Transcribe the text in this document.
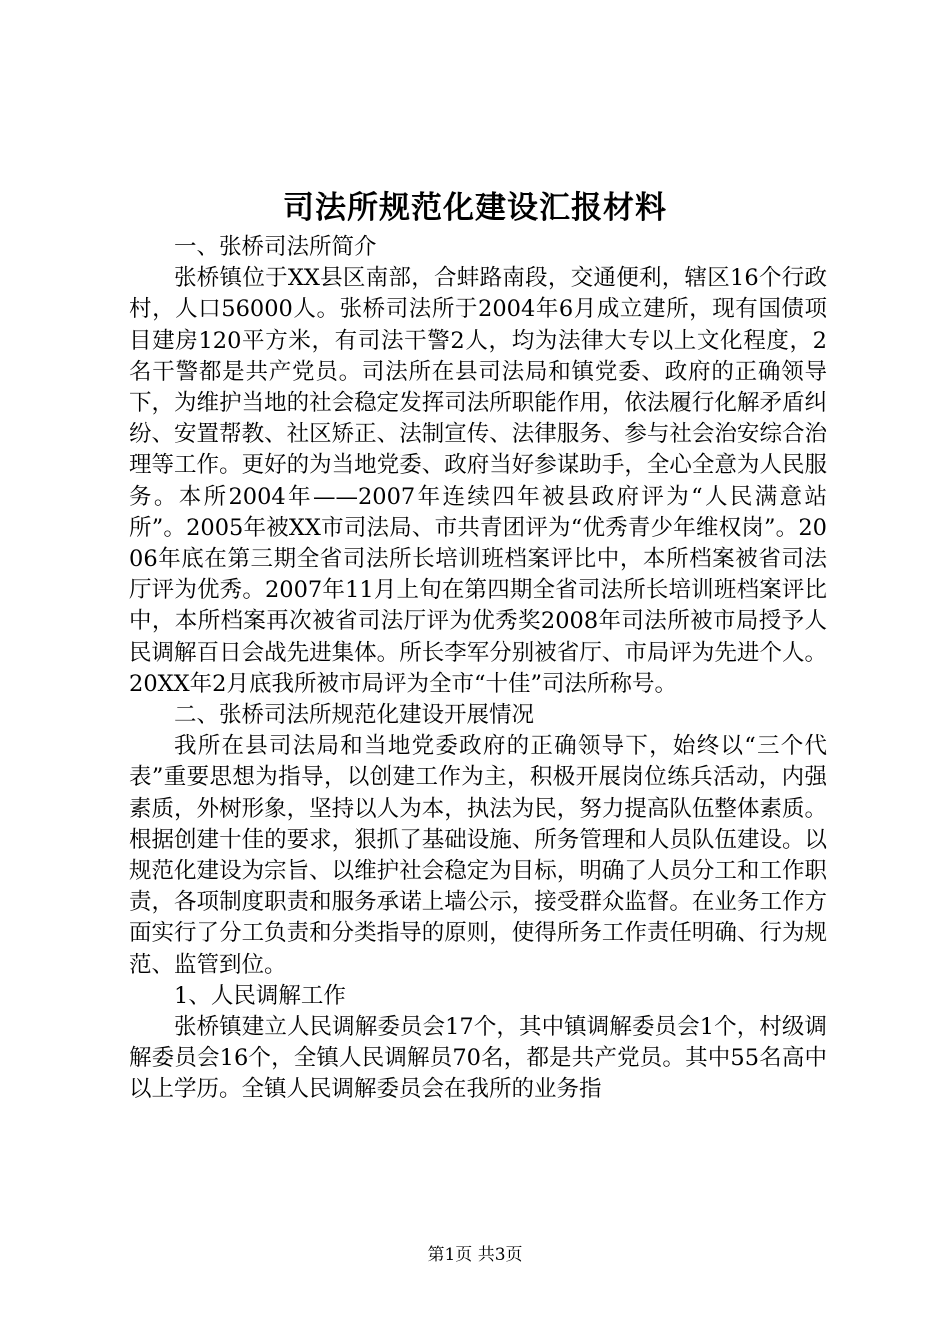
司法所规范化建设汇报材料

一、张桥司法所简介

张桥镇位于XX县区南部，合蚌路南段，交通便利，辖区16个行政村，人口56000人。张桥司法所于2004年6月成立建所，现有国债项目建房120平方米，有司法干警2人，均为法律大专以上文化程度，2名干警都是共产党员。司法所在县司法局和镇党委、政府的正确领导下，为维护当地的社会稳定发挥司法所职能作用，依法履行化解矛盾纠纷、安置帮教、社区矫正、法制宣传、法律服务、参与社会治安综合治理等工作。更好的为当地党委、政府当好参谋助手，全心全意为人民服务。本所2004年——2007年连续四年被县政府评为“人民满意站所”。2005年被XX市司法局、市共青团评为“优秀青少年维权岗”。2006年底在第三期全省司法所长培训班档案评比中，本所档案被省司法厅评为优秀。2007年11月上旬在第四期全省司法所长培训班档案评比中，本所档案再次被省司法厅评为优秀奖2008年司法所被市局授予人民调解百日会战先进集体。所长李军分别被省厅、市局评为先进个人。20XX年2月底我所被市局评为全市“十佳”司法所称号。

二、张桥司法所规范化建设开展情况

我所在县司法局和当地党委政府的正确领导下，始终以“三个代表”重要思想为指导，以创建工作为主，积极开展岗位练兵活动，内强素质，外树形象，坚持以人为本，执法为民，努力提高队伍整体素质。根据创建十佳的要求，狠抓了基础设施、所务管理和人员队伍建设。以规范化建设为宗旨、以维护社会稳定为目标，明确了人员分工和工作职责，各项制度职责和服务承诺上墙公示，接受群众监督。在业务工作方面实行了分工负责和分类指导的原则，使得所务工作责任明确、行为规范、监管到位。

1、人民调解工作

张桥镇建立人民调解委员会17个，其中镇调解委员会1个，村级调解委员会16个，全镇人民调解员70名，都是共产党员。其中55名高中以上学历。全镇人民调解委员会在我所的业务指

第1页 共3页
